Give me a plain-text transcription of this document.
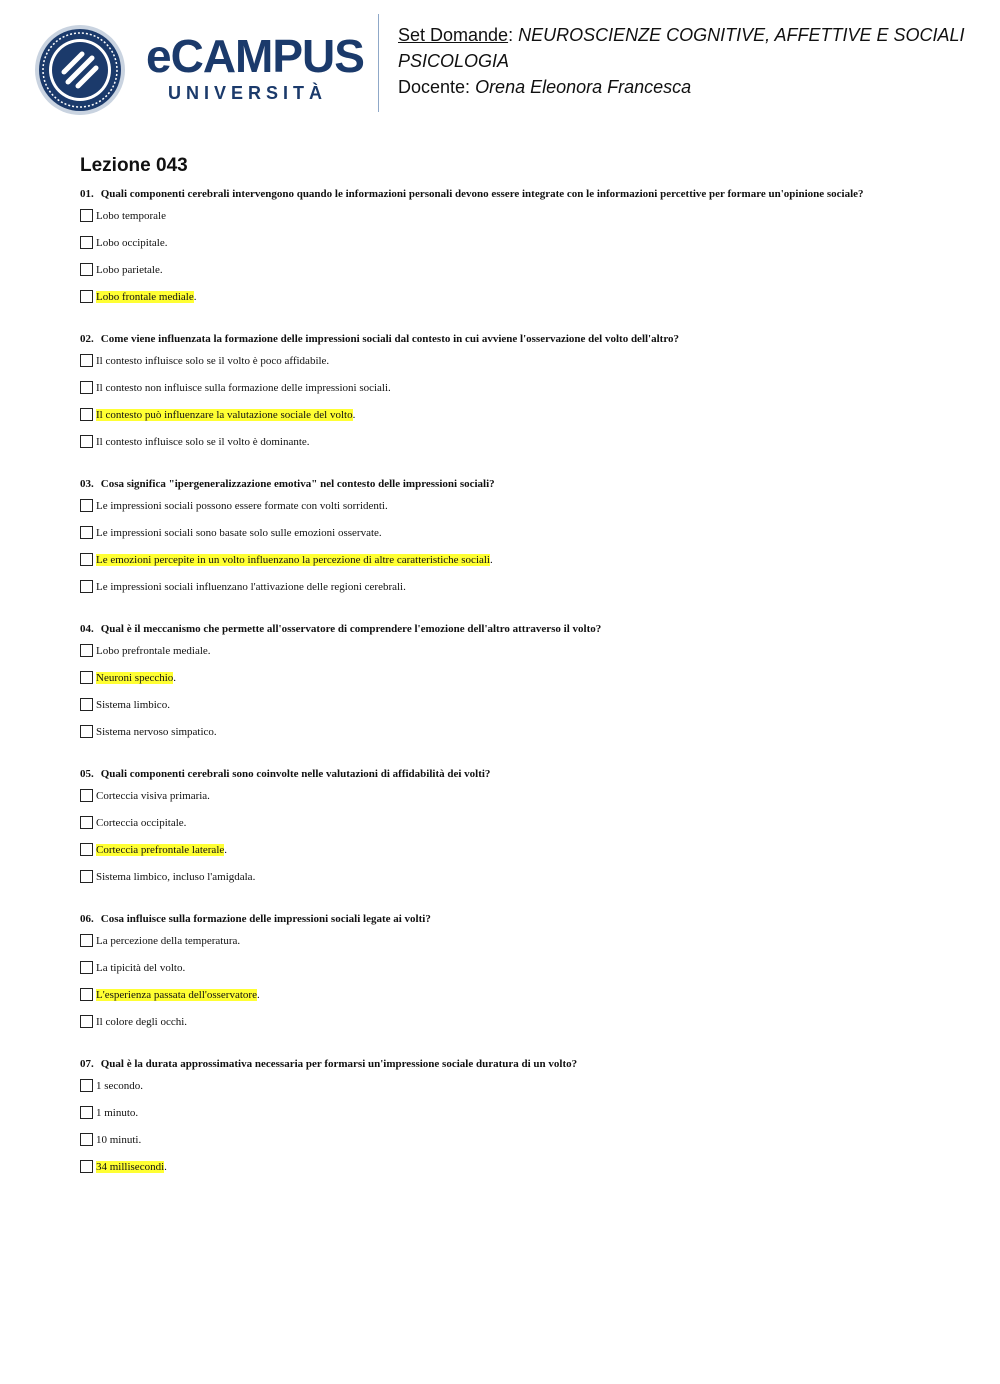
eCAMPUS
UNIVERSITÀ
Set Domande: NEUROSCIENZE COGNITIVE, AFFETTIVE E SOCIALI
PSICOLOGIA
Docente: Orena Eleonora Francesca
Lezione 043
01. Quali componenti cerebrali intervengono quando le informazioni personali devono essere integrate con le informazioni percettive per formare un'opinione sociale?
Lobo temporale
Lobo occipitale.
Lobo parietale.
Lobo frontale mediale .
02. Come viene influenzata la formazione delle impressioni sociali dal contesto in cui avviene l'osservazione del volto dell'altro?
Il contesto influisce solo se il volto è poco affidabile.
Il contesto non influisce sulla formazione delle impressioni sociali.
Il contesto può influenzare la valutazione sociale del volto .
Il contesto influisce solo se il volto è dominante.
03. Cosa significa "ipergeneralizzazione emotiva" nel contesto delle impressioni sociali?
Le impressioni sociali possono essere formate con volti sorridenti.
Le impressioni sociali sono basate solo sulle emozioni osservate.
Le emozioni percepite in un volto influenzano la percezione di altre caratteristiche sociali .
Le impressioni sociali influenzano l'attivazione delle regioni cerebrali.
04. Qual è il meccanismo che permette all'osservatore di comprendere l'emozione dell'altro attraverso il volto?
Lobo prefrontale mediale.
Neuroni specchio .
Sistema limbico.
Sistema nervoso simpatico.
05. Quali componenti cerebrali sono coinvolte nelle valutazioni di affidabilità dei volti?
Corteccia visiva primaria.
Corteccia occipitale.
Corteccia prefrontale laterale .
Sistema limbico, incluso l'amigdala.
06. Cosa influisce sulla formazione delle impressioni sociali legate ai volti?
La percezione della temperatura.
La tipicità del volto.
L'esperienza passata dell'osservatore .
Il colore degli occhi.
07. Qual è la durata approssimativa necessaria per formarsi un'impressione sociale duratura di un volto?
1 secondo.
1 minuto.
10 minuti.
34 millisecondi .
